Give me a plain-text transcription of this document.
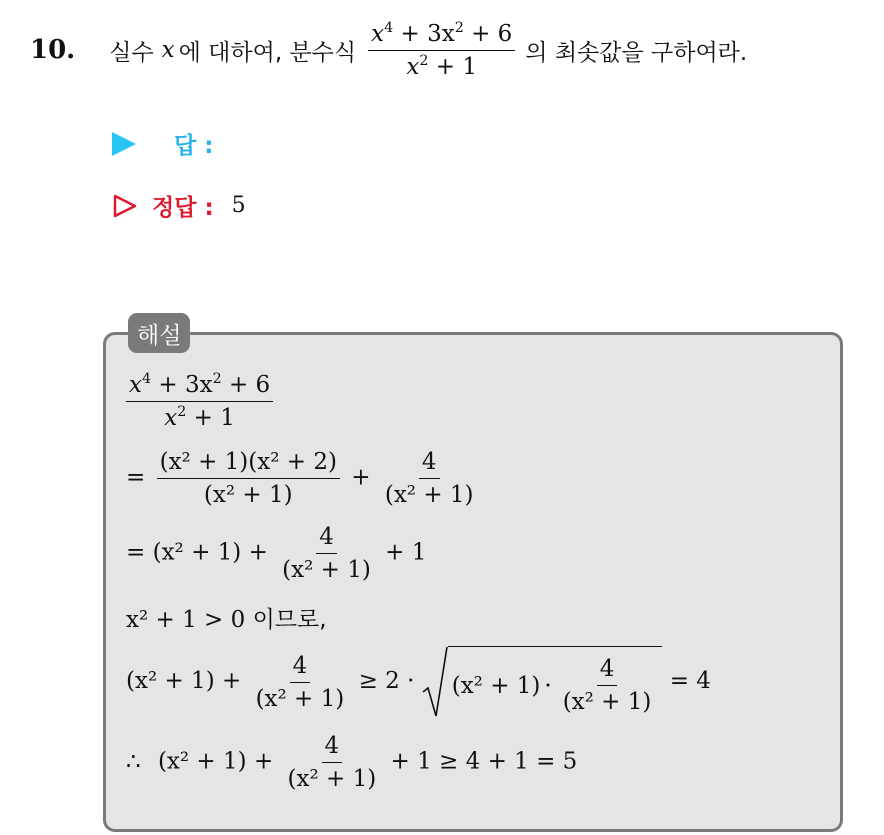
10. 실수 x 에 대하여, 분수식 $\frac{x^4 + 3x^2 + 6}{x^2 + 1}$ 의 최솟값을 구하여라.
답 :
정답 : 5
해설
$\frac{x^4 + 3x^2 + 6}{x^2 + 1}$
= $\frac{\text{(x² + 1)(x² + 2)}}{\text{(x² + 1)}} + \frac{4}{\text{(x² + 1)}}$
= $(x^2 + 1) + \frac{4}{\text{(x² + 1)}} + 1$
x² + 1 > 0 이므로,
$(x^2 + 1) + \frac{4}{\text{(x² + 1)}} \ge 2 \cdot (x^2 + 1) \cdot \frac{4}{\text{(x² + 1)}} = 4$
∴ $(x^2 + 1) + \frac{4}{\text{(x² + 1)}} + 1 \ge 4 + 1 = 5$
